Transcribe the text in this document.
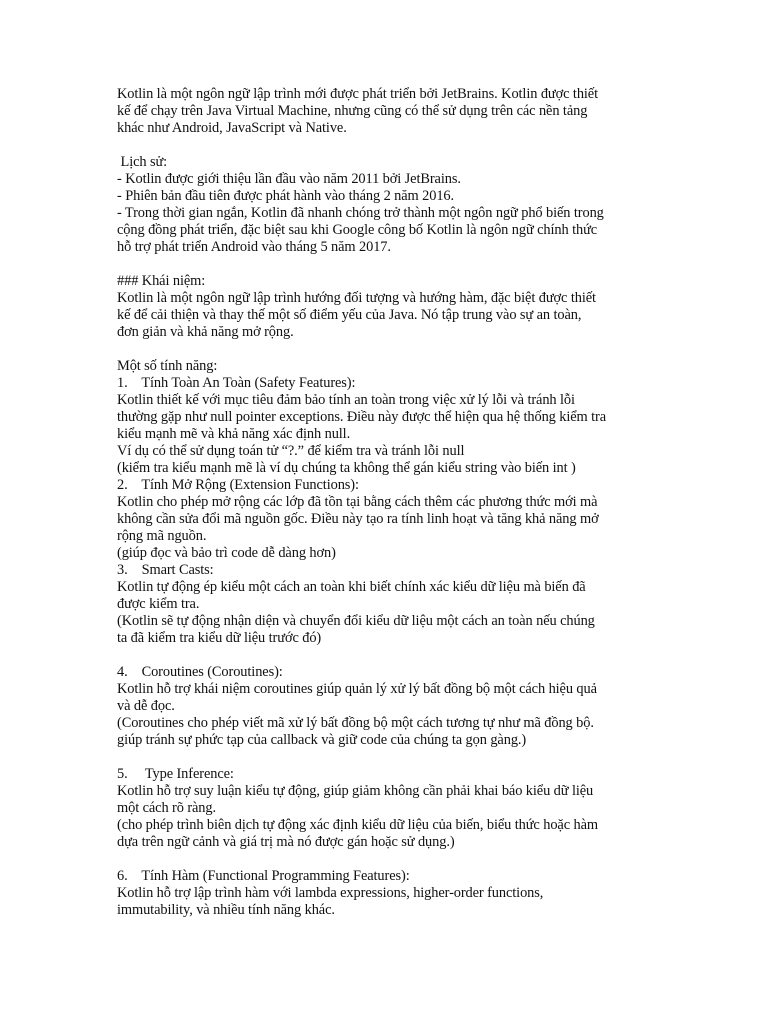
Kotlin là một ngôn ngữ lập trình mới được phát triển bởi JetBrains. Kotlin được thiết
kế để chạy trên Java Virtual Machine, nhưng cũng có thể sử dụng trên các nền tảng
khác như Android, JavaScript và Native.
Lịch sử:
- Kotlin được giới thiệu lần đầu vào năm 2011 bởi JetBrains.
- Phiên bản đầu tiên được phát hành vào tháng 2 năm 2016.
- Trong thời gian ngắn, Kotlin đã nhanh chóng trở thành một ngôn ngữ phổ biến trong
cộng đồng phát triển, đặc biệt sau khi Google công bố Kotlin là ngôn ngữ chính thức
hỗ trợ phát triển Android vào tháng 5 năm 2017.
### Khái niệm:
Kotlin là một ngôn ngữ lập trình hướng đối tượng và hướng hàm, đặc biệt được thiết
kế để cải thiện và thay thế một số điểm yếu của Java. Nó tập trung vào sự an toàn,
đơn giản và khả năng mở rộng.
Một số tính năng:
1.    Tính Toàn An Toàn (Safety Features):
Kotlin thiết kế với mục tiêu đảm bảo tính an toàn trong việc xử lý lỗi và tránh lỗi
thường gặp như null pointer exceptions. Điều này được thể hiện qua hệ thống kiểm tra
kiểu mạnh mẽ và khả năng xác định null.
Ví dụ có thể sử dụng toán tử “?.” để kiểm tra và tránh lỗi null
(kiểm tra kiểu mạnh mẽ là ví dụ chúng ta không thể gán kiểu string vào biến int )
2.    Tính Mở Rộng (Extension Functions):
Kotlin cho phép mở rộng các lớp đã tồn tại bằng cách thêm các phương thức mới mà
không cần sửa đổi mã nguồn gốc. Điều này tạo ra tính linh hoạt và tăng khả năng mở
rộng mã nguồn.
(giúp đọc và bảo trì code dễ dàng hơn)
3.    Smart Casts:
Kotlin tự động ép kiểu một cách an toàn khi biết chính xác kiểu dữ liệu mà biến đã
được kiểm tra.
(Kotlin sẽ tự động nhận diện và chuyển đổi kiểu dữ liệu một cách an toàn nếu chúng
ta đã kiểm tra kiểu dữ liệu trước đó)
4.    Coroutines (Coroutines):
Kotlin hỗ trợ khái niệm coroutines giúp quản lý xử lý bất đồng bộ một cách hiệu quả
và dễ đọc.
(Coroutines cho phép viết mã xử lý bất đồng bộ một cách tương tự như mã đồng bộ.
giúp tránh sự phức tạp của callback và giữ code của chúng ta gọn gàng.)
5.     Type Inference:
Kotlin hỗ trợ suy luận kiểu tự động, giúp giảm không cần phải khai báo kiểu dữ liệu
một cách rõ ràng.
(cho phép trình biên dịch tự động xác định kiểu dữ liệu của biến, biểu thức hoặc hàm
dựa trên ngữ cảnh và giá trị mà nó được gán hoặc sử dụng.)
6.    Tính Hàm (Functional Programming Features):
Kotlin hỗ trợ lập trình hàm với lambda expressions, higher-order functions,
immutability, và nhiều tính năng khác.
